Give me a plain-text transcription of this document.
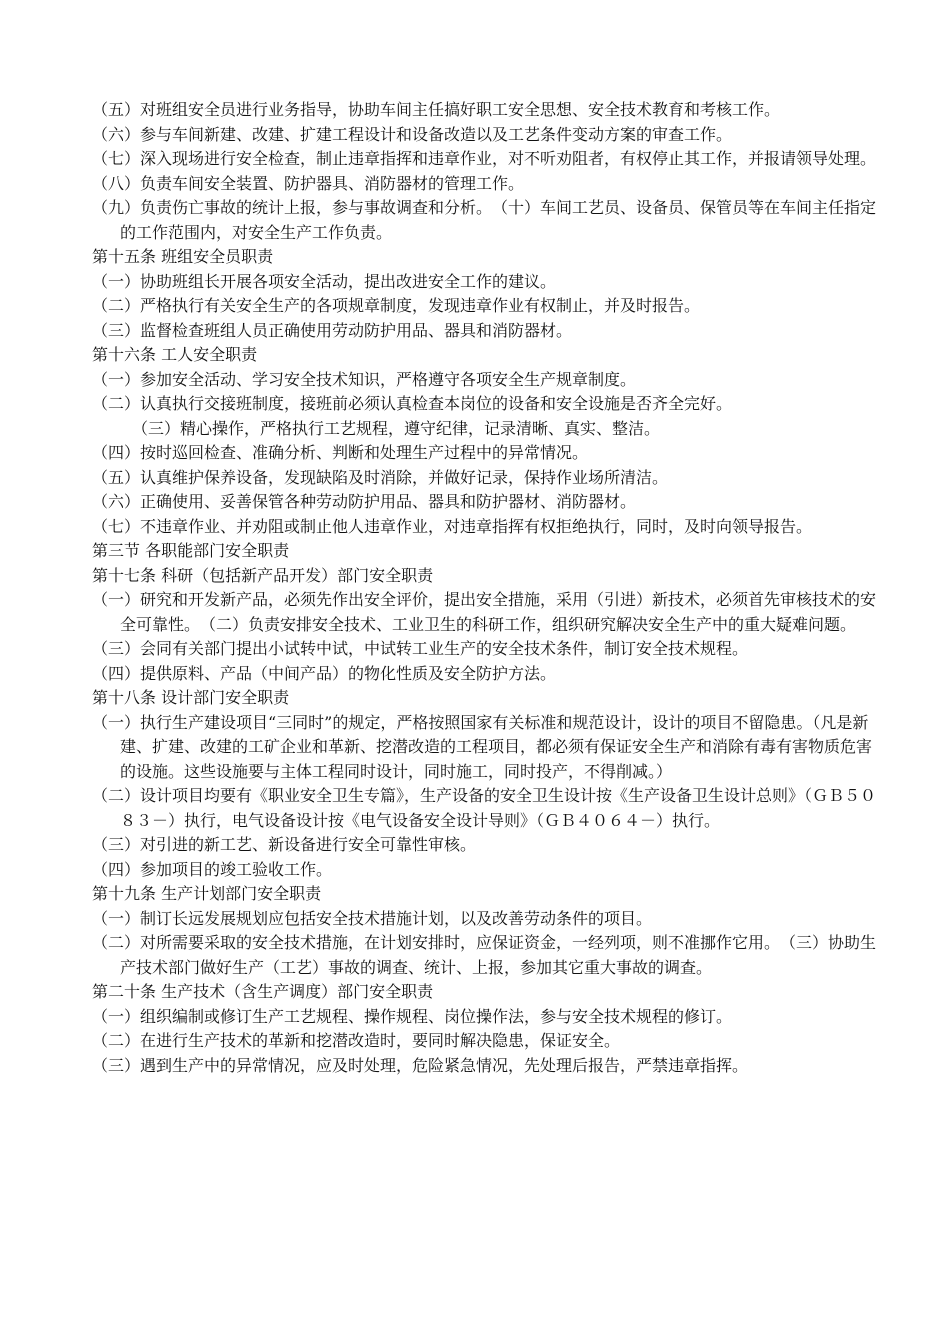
（五）对班组安全员进行业务指导，协助车间主任搞好职工安全思想、安全技术教育和考核工作。
（六）参与车间新建、改建、扩建工程设计和设备改造以及工艺条件变动方案的审查工作。
（七）深入现场进行安全检查，制止违章指挥和违章作业，对不听劝阻者，有权停止其工作，并报请领导处理。
（八）负责车间安全装置、防护器具、消防器材的管理工作。
（九）负责伤亡事故的统计上报，参与事故调查和分析。　（十）车间工艺员、设备员、保管员等在车间主任指定的工作范围内，对安全生产工作负责。
第十五条 班组安全员职责
（一）协助班组长开展各项安全活动，提出改进安全工作的建议。
（二）严格执行有关安全生产的各项规章制度，发现违章作业有权制止，并及时报告。
（三）监督检查班组人员正确使用劳动防护用品、器具和消防器材。
第十六条 工人安全职责
（一）参加安全活动、学习安全技术知识，严格遵守各项安全生产规章制度。
（二）认真执行交接班制度，接班前必须认真检查本岗位的设备和安全设施是否齐全完好。
（三）精心操作，严格执行工艺规程，遵守纪律，记录清晰、真实、整洁。
（四）按时巡回检查、准确分析、判断和处理生产过程中的异常情况。
（五）认真维护保养设备，发现缺陷及时消除，并做好记录，保持作业场所清洁。
（六）正确使用、妥善保管各种劳动防护用品、器具和防护器材、消防器材。
（七）不违章作业、并劝阻或制止他人违章作业，对违章指挥有权拒绝执行，同时，及时向领导报告。
第三节 各职能部门安全职责
第十七条 科研（包括新产品开发）部门安全职责
（一）研究和开发新产品，必须先作出安全评价，提出安全措施，采用（引进）新技术，必须首先审核技术的安全可靠性。　（二）负责安排安全技术、工业卫生的科研工作，组织研究解决安全生产中的重大疑难问题。
（三）会同有关部门提出小试转中试，中试转工业生产的安全技术条件，制订安全技术规程。
（四）提供原料、产品（中间产品）的物化性质及安全防护方法。
第十八条 设计部门安全职责
（一）执行生产建设项目“三同时”的规定，严格按照国家有关标准和规范设计，设计的项目不留隐患。（凡是新建、扩建、改建的工矿企业和革新、挖潜改造的工程项目，都必须有保证安全生产和消除有毒有害物质危害的设施。这些设施要与主体工程同时设计，同时施工，同时投产，不得削减。）
（二）设计项目均要有《职业安全卫生专篇》，生产设备的安全卫生设计按《生产设备卫生设计总则》（ＧＢ５０８３－）执行，电气设备设计按《电气设备安全设计导则》（ＧＢ４０６４－）执行。
（三）对引进的新工艺、新设备进行安全可靠性审核。
（四）参加项目的竣工验收工作。
第十九条 生产计划部门安全职责
（一）制订长远发展规划应包括安全技术措施计划，以及改善劳动条件的项目。
（二）对所需要采取的安全技术措施，在计划安排时，应保证资金，一经列项，则不准挪作它用。　（三）协助生产技术部门做好生产（工艺）事故的调查、统计、上报，参加其它重大事故的调查。
第二十条 生产技术（含生产调度）部门安全职责
（一）组织编制或修订生产工艺规程、操作规程、岗位操作法，参与安全技术规程的修订。
（二）在进行生产技术的革新和挖潜改造时，要同时解决隐患，保证安全。
（三）遇到生产中的异常情况，应及时处理，危险紧急情况，先处理后报告，严禁违章指挥。
